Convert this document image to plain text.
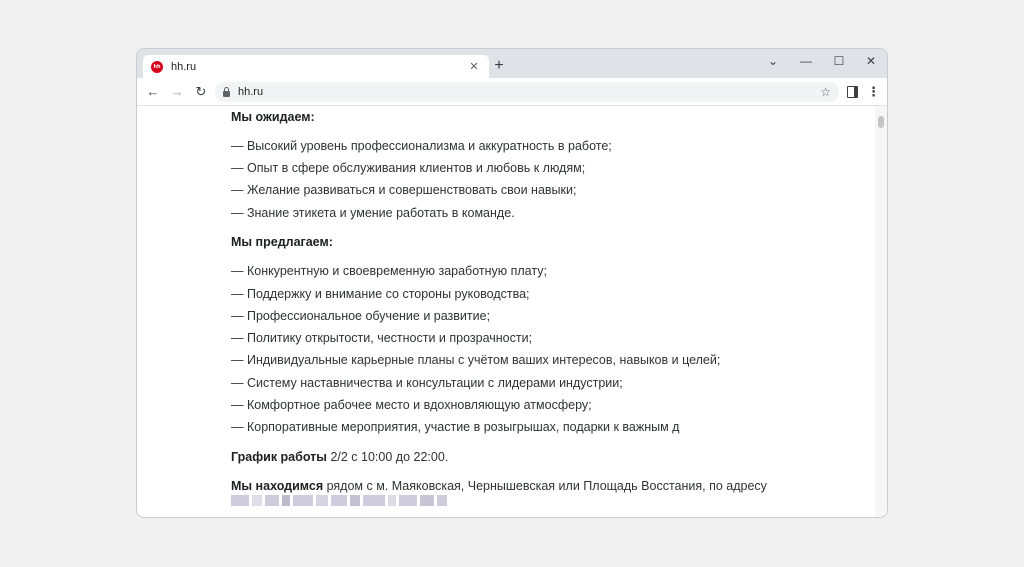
hh hh.ru	✕ +	⌄	—	☐	✕
← → ↻	hh.ru	☆	⋮
Мы ожидаем:
— Высокий уровень профессионализма и аккуратность в работе;
— Опыт в сфере обслуживания клиентов и любовь к людям;
— Желание развиваться и совершенствовать свои навыки;
— Знание этикета и умение работать в команде.
Мы предлагаем:
— Конкурентную и своевременную заработную плату;
— Поддержку и внимание со стороны руководства;
— Профессиональное обучение и развитие;
— Политику открытости, честности и прозрачности;
— Индивидуальные карьерные планы с учётом ваших интересов, навыков и целей;
— Систему наставничества и консультации с лидерами индустрии;
— Комфортное рабочее место и вдохновляющую атмосферу;
— Корпоративные мероприятия, участие в розыгрышах, подарки к важным д
График работы 2/2 с 10:00 до 22:00.
Мы находимся рядом с м. Маяковская, Чернышевская или Площадь Восстания, по адресу
